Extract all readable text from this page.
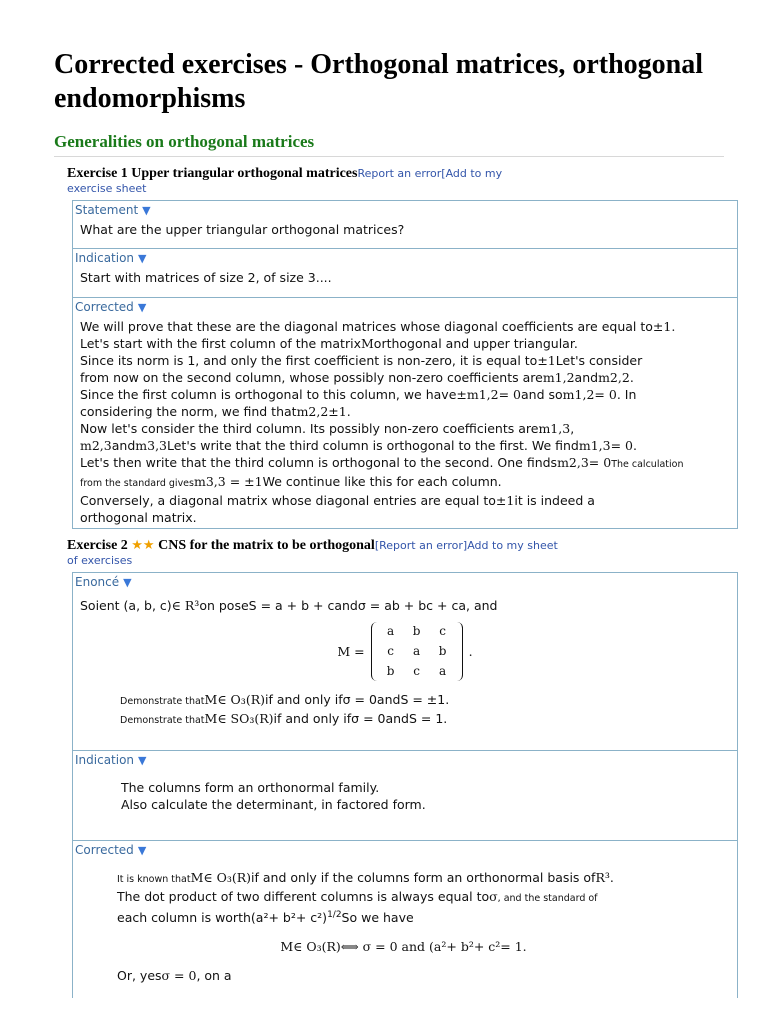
Corrected exercises - Orthogonal matrices, orthogonal endomorphisms
Generalities on orthogonal matrices
Exercise 1 Upper triangular orthogonal matricesReport an error[Add to my
exercise sheet
Statement ▼
What are the upper triangular orthogonal matrices?
Indication ▼
Start with matrices of size 2, of size 3....
Corrected ▼
We will prove that these are the diagonal matrices whose diagonal coefficients are equal to±1.
Let's start with the first column of the matrixMorthogonal and upper triangular.
Since its norm is 1, and only the first coefficient is non-zero, it is equal to±1Let's consider
from now on the second column, whose possibly non-zero coefficients arem1,2andm2,2.
Since the first column is orthogonal to this column, we have±m1,2= 0and som1,2= 0. In
considering the norm, we find thatm2,2±1.
Now let's consider the third column. Its possibly non-zero coefficients arem1,3,
m2,3andm3,3Let's write that the third column is orthogonal to the first. We findm1,3= 0.
Let's then write that the third column is orthogonal to the second. One findsm2,3= 0The calculation
from the standard givesm3,3 = ±1We continue like this for each column.
Conversely, a diagonal matrix whose diagonal entries are equal to±1it is indeed a
orthogonal matrix.
Exercise 2 ★★ CNS for the matrix to be orthogonal[Report an error]Add to my sheet
of exercises
Enoncé ▼
Soient (a, b, c)∈ R³on poseS = a + b + candσ = ab + bc + ca, and
M =
a	b	c
c	a	b
b	c	a
.
Demonstrate thatM∈ O₃(R)if and only ifσ = 0andS = ±1.
Demonstrate thatM∈ SO₃(R)if and only ifσ = 0andS = 1.
Indication ▼
The columns form an orthonormal family.
Also calculate the determinant, in factored form.
Corrected ▼
It is known thatM∈ O₃(R)if and only if the columns form an orthonormal basis ofR³.
The dot product of two different columns is always equal toσ, and the standard of
each column is worth(a²+ b²+ c²)$^{1/2}$So we have
M∈ O₃(R)⟺ σ = 0 and (a²+ b²+ c²= 1.
Or, yesσ = 0, on a
